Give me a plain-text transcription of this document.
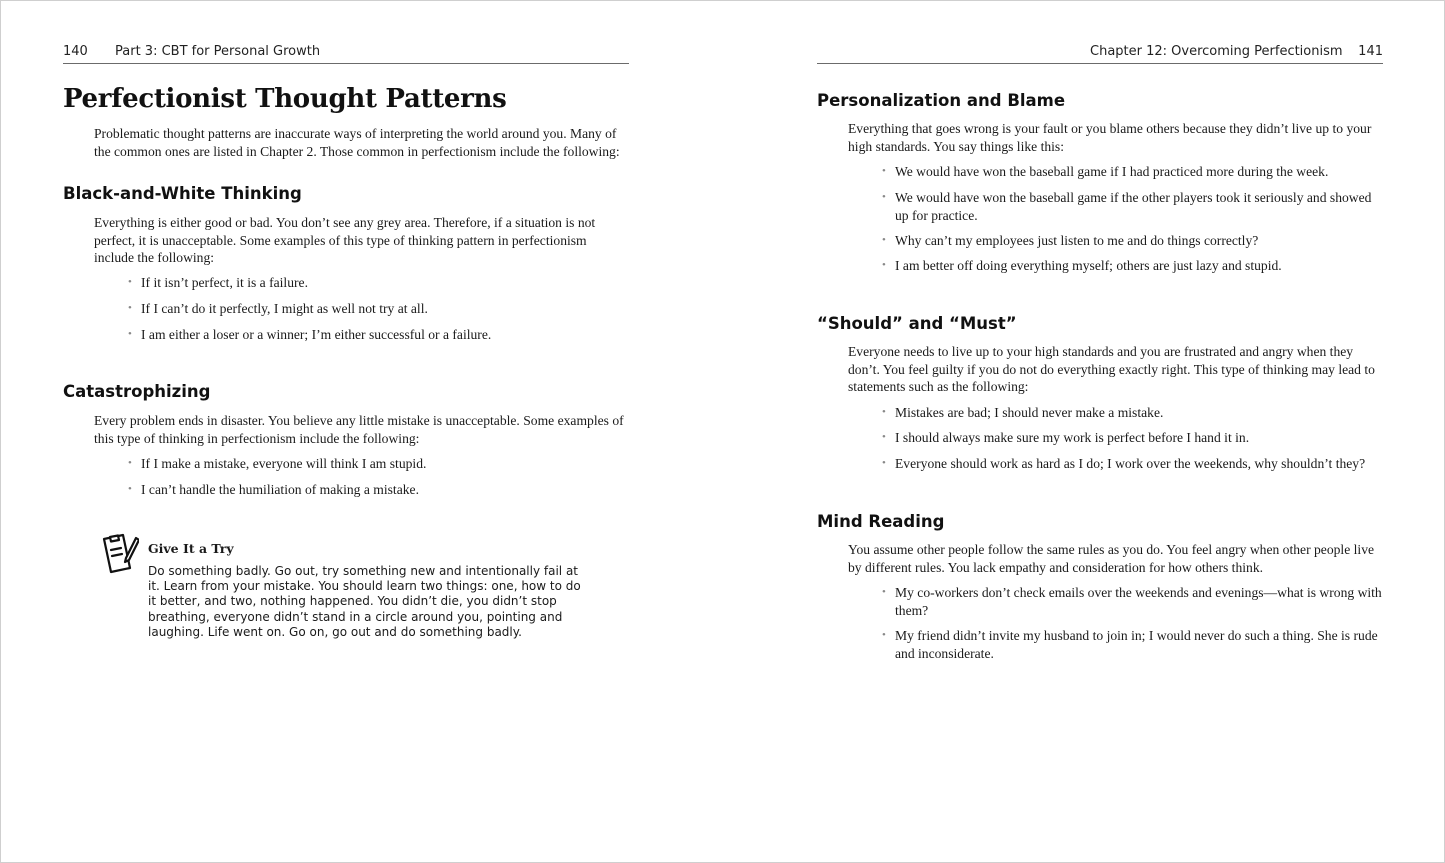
140 Part 3: CBT for Personal Growth
Perfectionist Thought Patterns

Problematic thought patterns are inaccurate ways of interpreting the world around you. Many of the common ones are listed in Chapter 2. Those common in perfectionism include the following:

Black-and-White Thinking

Everything is either good or bad. You don’t see any grey area. Therefore, if a situation is not perfect, it is unacceptable. Some examples of this type of thinking pattern in perfectionism include the following:

• If it isn’t perfect, it is a failure.

• If I can’t do it perfectly, I might as well not try at all.

• I am either a loser or a winner; I’m either successful or a failure.

Catastrophizing

Every problem ends in disaster. You believe any little mistake is unacceptable. Some examples of this type of thinking in perfectionism include the following:

• If I make a mistake, everyone will think I am stupid.

• I can’t handle the humiliation of making a mistake.

Give It a Try

Do something badly. Go out, try something new and intentionally fail at it. Learn from your mistake. You should learn two things: one, how to do it better, and two, nothing happened. You didn’t die, you didn’t stop breathing, everyone didn’t stand in a circle around you, pointing and laughing. Life went on. Go on, go out and do something badly.

Chapter 12: Overcoming Perfectionism 141
Personalization and Blame

Everything that goes wrong is your fault or you blame others because they didn’t live up to your high standards. You say things like this:

• We would have won the baseball game if I had practiced more during the week.

• We would have won the baseball game if the other players took it seriously and showed up for practice.

• Why can’t my employees just listen to me and do things correctly?

• I am better off doing everything myself; others are just lazy and stupid.

“Should” and “Must”

Everyone needs to live up to your high standards and you are frustrated and angry when they don’t. You feel guilty if you do not do everything exactly right. This type of thinking may lead to statements such as the following:

• Mistakes are bad; I should never make a mistake.

• I should always make sure my work is perfect before I hand it in.

• Everyone should work as hard as I do; I work over the weekends, why shouldn’t they?

Mind Reading

You assume other people follow the same rules as you do. You feel angry when other people live by different rules. You lack empathy and consideration for how others think.

• My co-workers don’t check emails over the weekends and evenings—what is wrong with them?

• My friend didn’t invite my husband to join in; I would never do such a thing. She is rude and inconsiderate.
